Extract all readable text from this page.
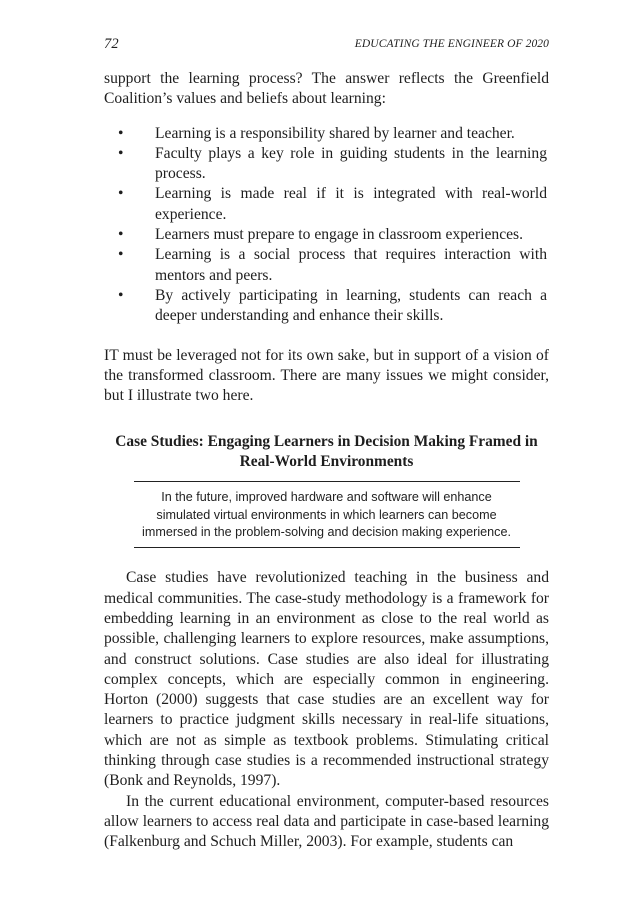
72	EDUCATING THE ENGINEER OF 2020

support the learning process? The answer reflects the Greenfield Coalition’s values and beliefs about learning:

• Learning is a responsibility shared by learner and teacher.
• Faculty plays a key role in guiding students in the learning process.
• Learning is made real if it is integrated with real-world experience.
• Learners must prepare to engage in classroom experiences.
• Learning is a social process that requires interaction with mentors and peers.
• By actively participating in learning, students can reach a deeper understanding and enhance their skills.

IT must be leveraged not for its own sake, but in support of a vision of the transformed classroom. There are many issues we might consider, but I illustrate two here.

Case Studies: Engaging Learners in Decision Making Framed in Real-World Environments
In the future, improved hardware and software will enhance simulated virtual environments in which learners can become immersed in the problem-solving and decision making experience.

Case studies have revolutionized teaching in the business and medical communities. The case-study methodology is a framework for embedding learning in an environment as close to the real world as possible, challenging learners to explore resources, make assumptions, and construct solutions. Case studies are also ideal for illustrating complex concepts, which are especially common in engineering. Horton (2000) suggests that case studies are an excellent way for learners to practice judgment skills necessary in real-life situations, which are not as simple as textbook problems. Stimulating critical thinking through case studies is a recommended instructional strategy (Bonk and Reynolds, 1997).

In the current educational environment, computer-based resources allow learners to access real data and participate in case-based learning (Falkenburg and Schuch Miller, 2003). For example, students can
